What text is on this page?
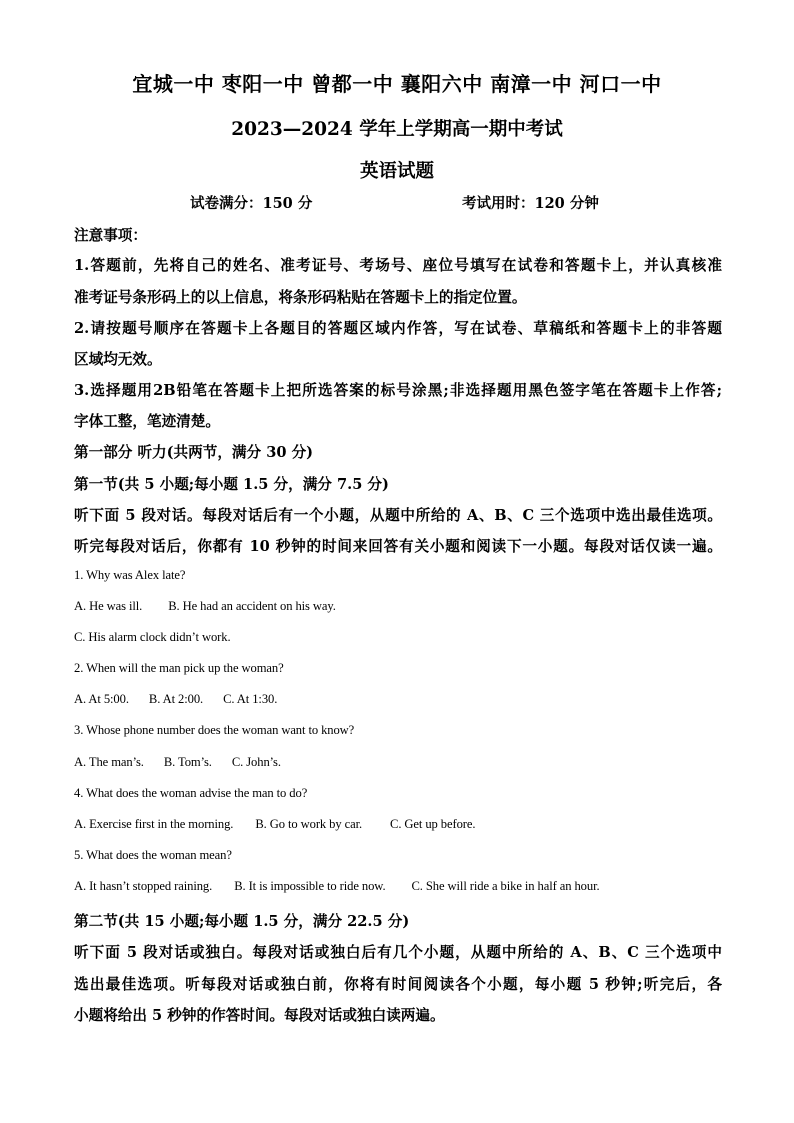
宜城一中 枣阳一中 曾都一中 襄阳六中 南漳一中 河口一中
2023—2024 学年上学期高一期中考试
英语试题
试卷满分：150 分	考试用时：120 分钟
注意事项：
1.答题前，先将自己的姓名、准考证号、考场号、座位号填写在试卷和答题卡上，并认真核准
准考证号条形码上的以上信息，将条形码粘贴在答题卡上的指定位置。
2.请按题号顺序在答题卡上各题目的答题区域内作答，写在试卷、草稿纸和答题卡上的非答题
区域均无效。
3.选择题用2B铅笔在答题卡上把所选答案的标号涂黑;非选择题用黑色签字笔在答题卡上作答;
字体工整，笔迹清楚。
第一部分 听力(共两节，满分 30 分)
第一节(共 5 小题;每小题 1.5 分，满分 7.5 分)
听下面 5 段对话。每段对话后有一个小题，从题中所给的 A、B、C 三个选项中选出最佳选项。
听完每段对话后，你都有 10 秒钟的时间来回答有关小题和阅读下一小题。每段对话仅读一遍。
1. Why was Alex late?
A. He was ill. B. He had an accident on his way.
C. His alarm clock didn’t work.
2. When will the man pick up the woman?
A. At 5:00. B. At 2:00. C. At 1:30.
3. Whose phone number does the woman want to know?
A. The man’s. B. Tom’s. C. John’s.
4. What does the woman advise the man to do?
A. Exercise first in the morning. B. Go to work by car. C. Get up before.
5. What does the woman mean?
A. It hasn’t stopped raining. B. It is impossible to ride now. C. She will ride a bike in half an hour.
第二节(共 15 小题;每小题 1.5 分，满分 22.5 分)
听下面 5 段对话或独白。每段对话或独白后有几个小题，从题中所给的 A、B、C 三个选项中
选出最佳选项。听每段对话或独白前，你将有时间阅读各个小题，每小题 5 秒钟;听完后，各
小题将给出 5 秒钟的作答时间。每段对话或独白读两遍。
